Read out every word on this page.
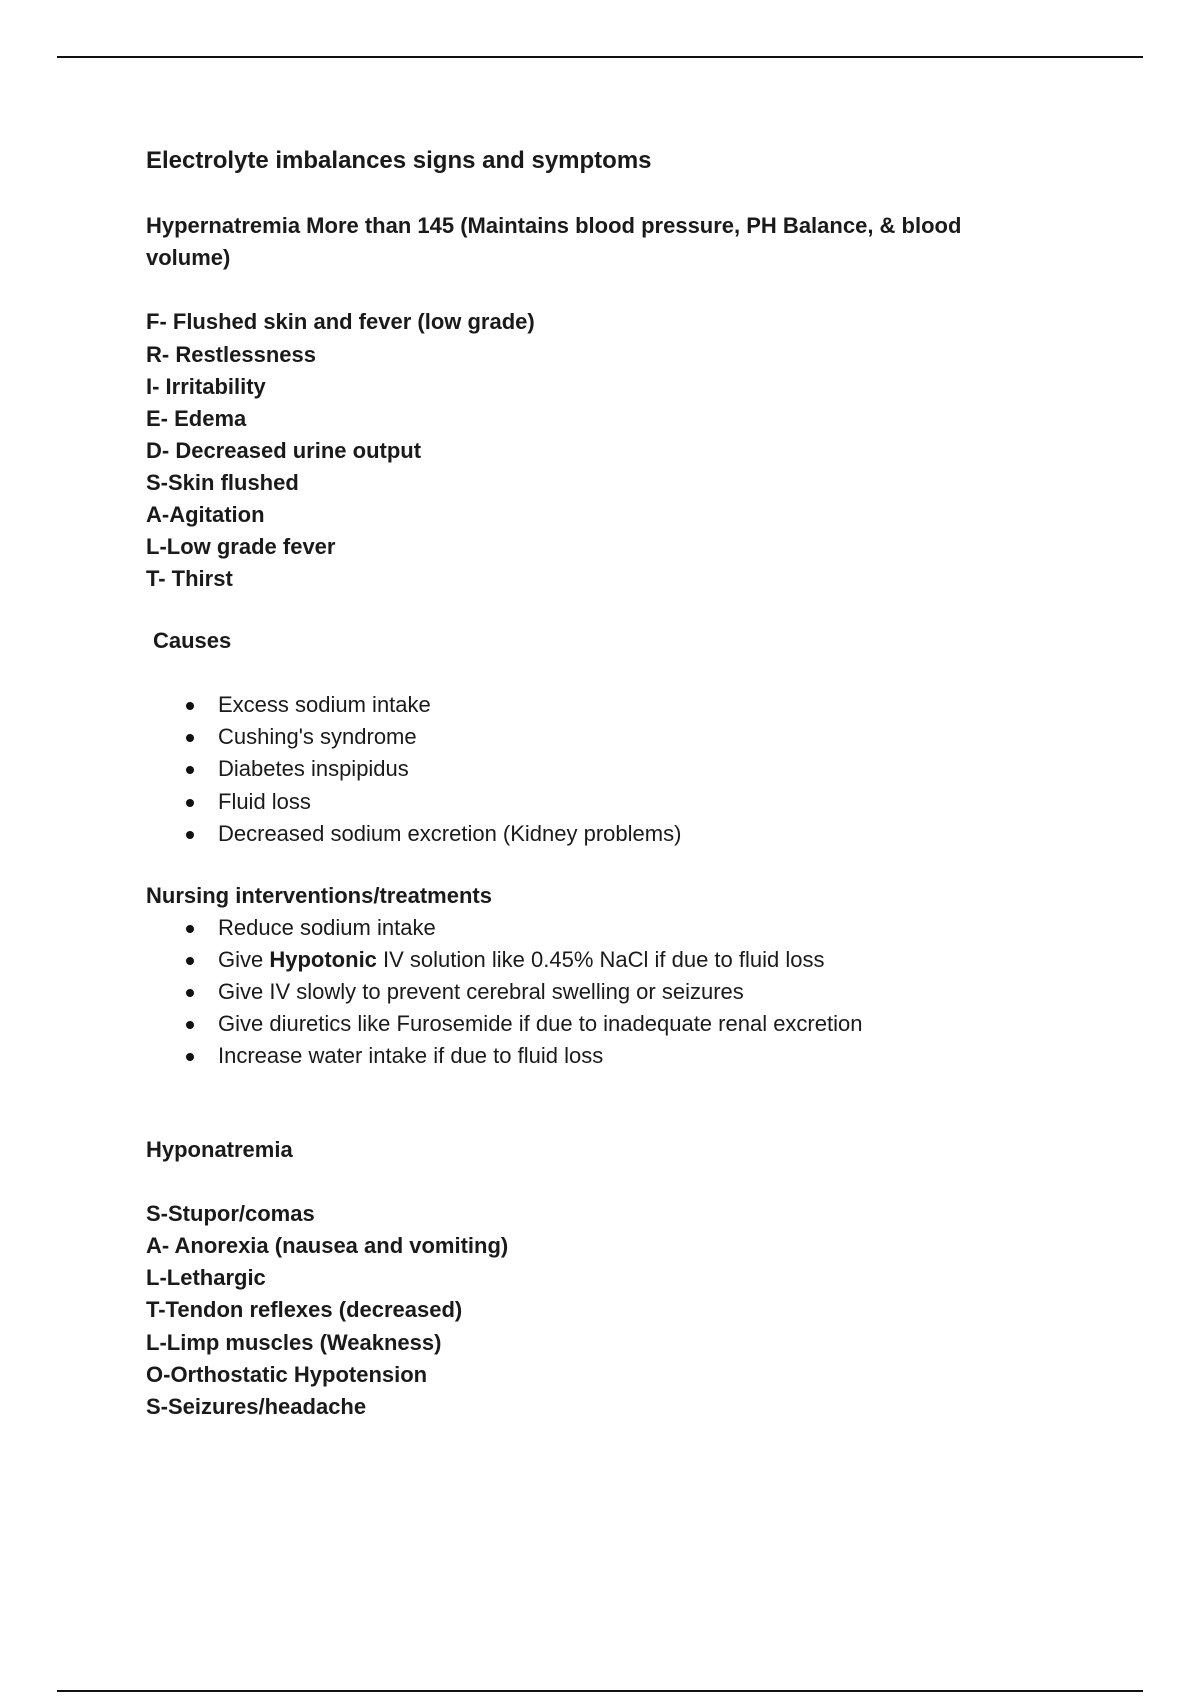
Electrolyte imbalances signs and symptoms

Hypernatremia More than 145 (Maintains blood pressure, PH Balance, & blood

volume)

F- Flushed skin and fever (low grade)
R- Restlessness
I- Irritability
E- Edema
D- Decreased urine output
S-Skin flushed
A-Agitation
L-Low grade fever
T- Thirst

Causes

Excess sodium intake
Cushing's syndrome
Diabetes inspipidus
Fluid loss
Decreased sodium excretion (Kidney problems)

Nursing interventions/treatments

Reduce sodium intake
Give Hypotonic IV solution like 0.45% NaCl if due to fluid loss
Give IV slowly to prevent cerebral swelling or seizures
Give diuretics like Furosemide if due to inadequate renal excretion
Increase water intake if due to fluid loss

Hyponatremia

S-Stupor/comas
A- Anorexia (nausea and vomiting)
L-Lethargic
T-Tendon reflexes (decreased)
L-Limp muscles (Weakness)
O-Orthostatic Hypotension
S-Seizures/headache
